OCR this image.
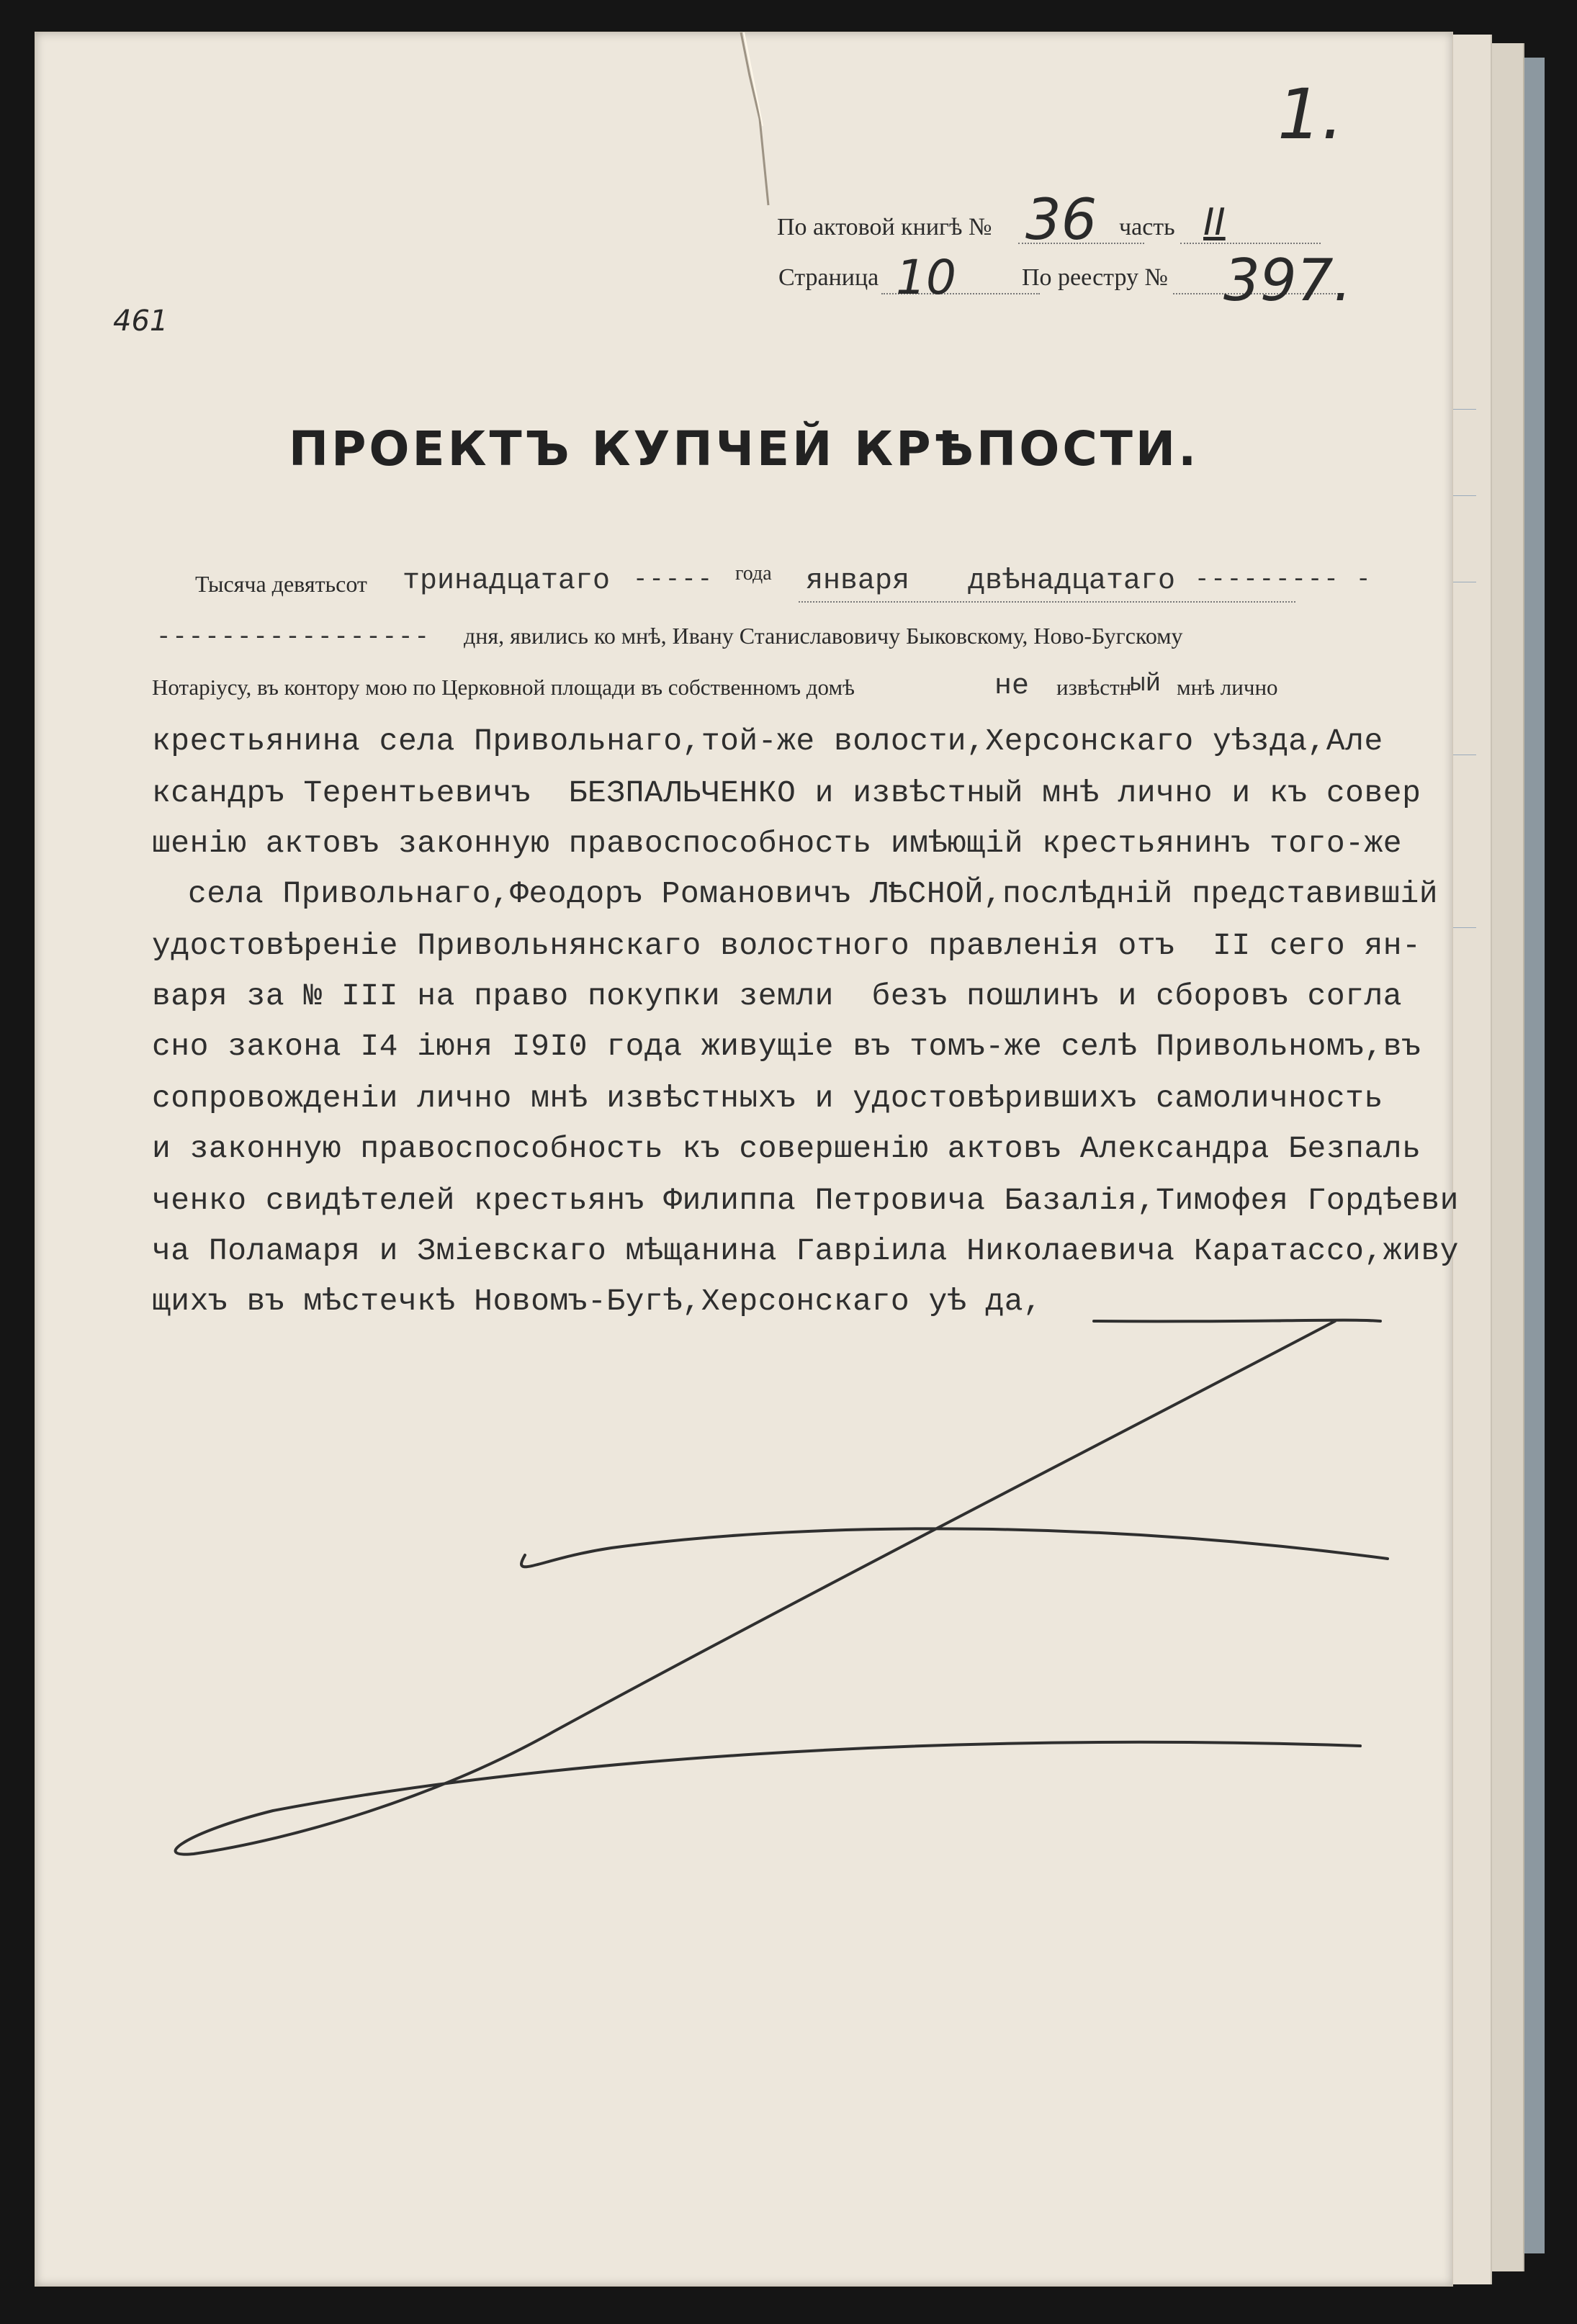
1.
461
По актовой книгѣ № 36 часть II
Страница 10	По реестру № 397.
ПРОЕКТЪ КУПЧЕЙ КРѢПОСТИ.
Тысяча девятьсот тринадцатаго ----- года января двѣнадцатаго --------- -
----------------- дня, явились ко мнѣ, Ивану Станиславовичу Быковскому, Ново-Бугскому
Нотаріусу, въ контору мою по Церковной площади въ собственномъ домѣ	не извѣстн
ый мнѣ лично
крестьянина села Привольнаго,той-же волости,Херсонскаго уѣзда,Але
ксандръ Терентьевичъ  БЕЗПАЛЬЧЕНКО и извѣстный мнѣ лично и къ совер
шенію актовъ законную правоспособность имѣющій крестьянинъ того-же
села Привольнаго,Феодоръ Романовичъ ЛѢСНОЙ,послѣдній представившій
удостовѣреніе Привольнянскаго волостного правленія отъ  II сего ян-
варя за № III на право покупки земли  безъ пошлинъ и сборовъ согла
сно закона I4 іюня I9I0 года живущіе въ томъ-же селѣ Привольномъ,въ
сопровожденіи лично мнѣ извѣстныхъ и удостовѣрившихъ самоличность
и законную правоспособность къ совершенію актовъ Александра Безпаль
ченко свидѣтелей крестьянъ Филиппа Петровича Базалія,Тимофея Гордѣеви
ча Поламаря и Зміевскаго мѣщанина Гавріила Николаевича Каратассо,живу
щихъ въ мѣстечкѣ Новомъ-Бугѣ,Херсонскаго уѣ да,
